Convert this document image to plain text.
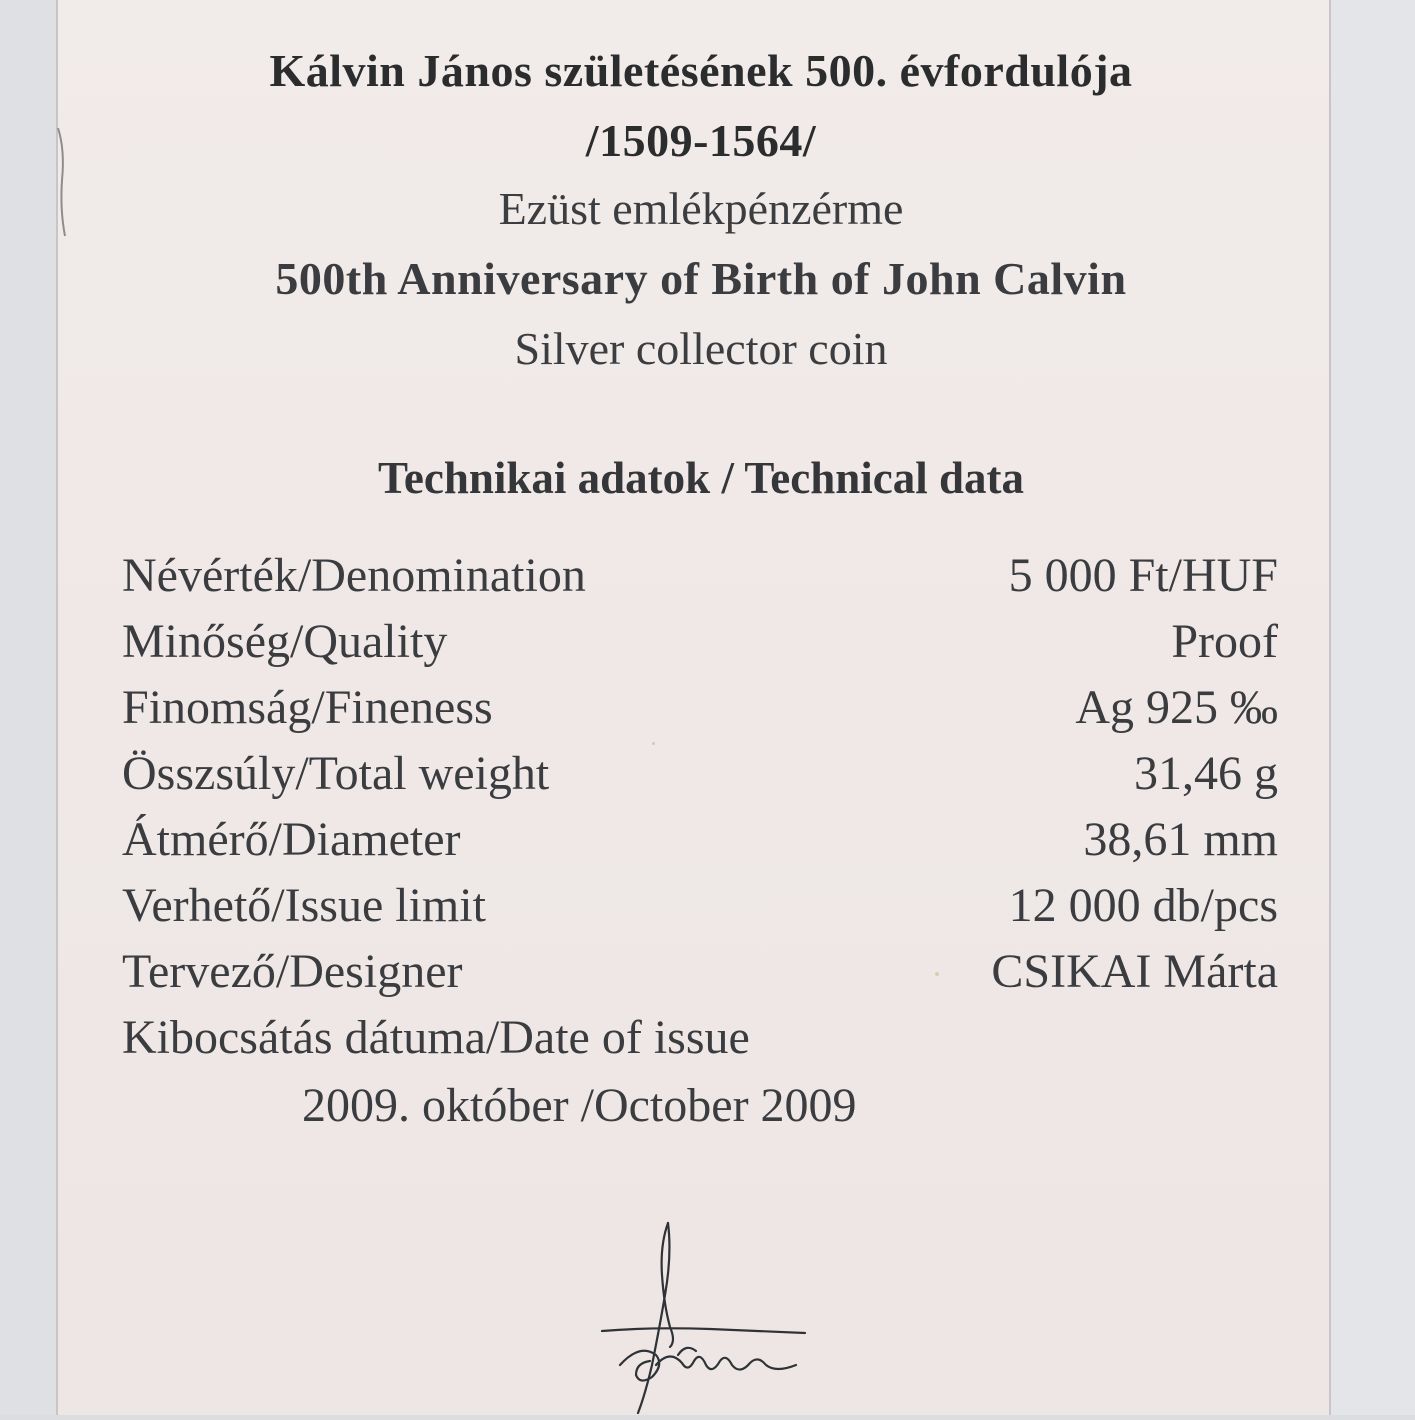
Kálvin János születésének 500. évfordulója
/1509-1564/
Ezüst emlékpénzérme
500th Anniversary of Birth of John Calvin
Silver collector coin
Technikai adatok / Technical data
Névérték/Denomination	5 000 Ft/HUF
Minőség/Quality	Proof
Finomság/Fineness	Ag 925 ‰
Összsúly/Total weight	31,46 g
Átmérő/Diameter	38,61 mm
Verhető/Issue limit	12 000 db/pcs
Tervező/Designer	CSIKAI Márta
Kibocsátás dátuma/Date of issue
2009. október /October 2009
